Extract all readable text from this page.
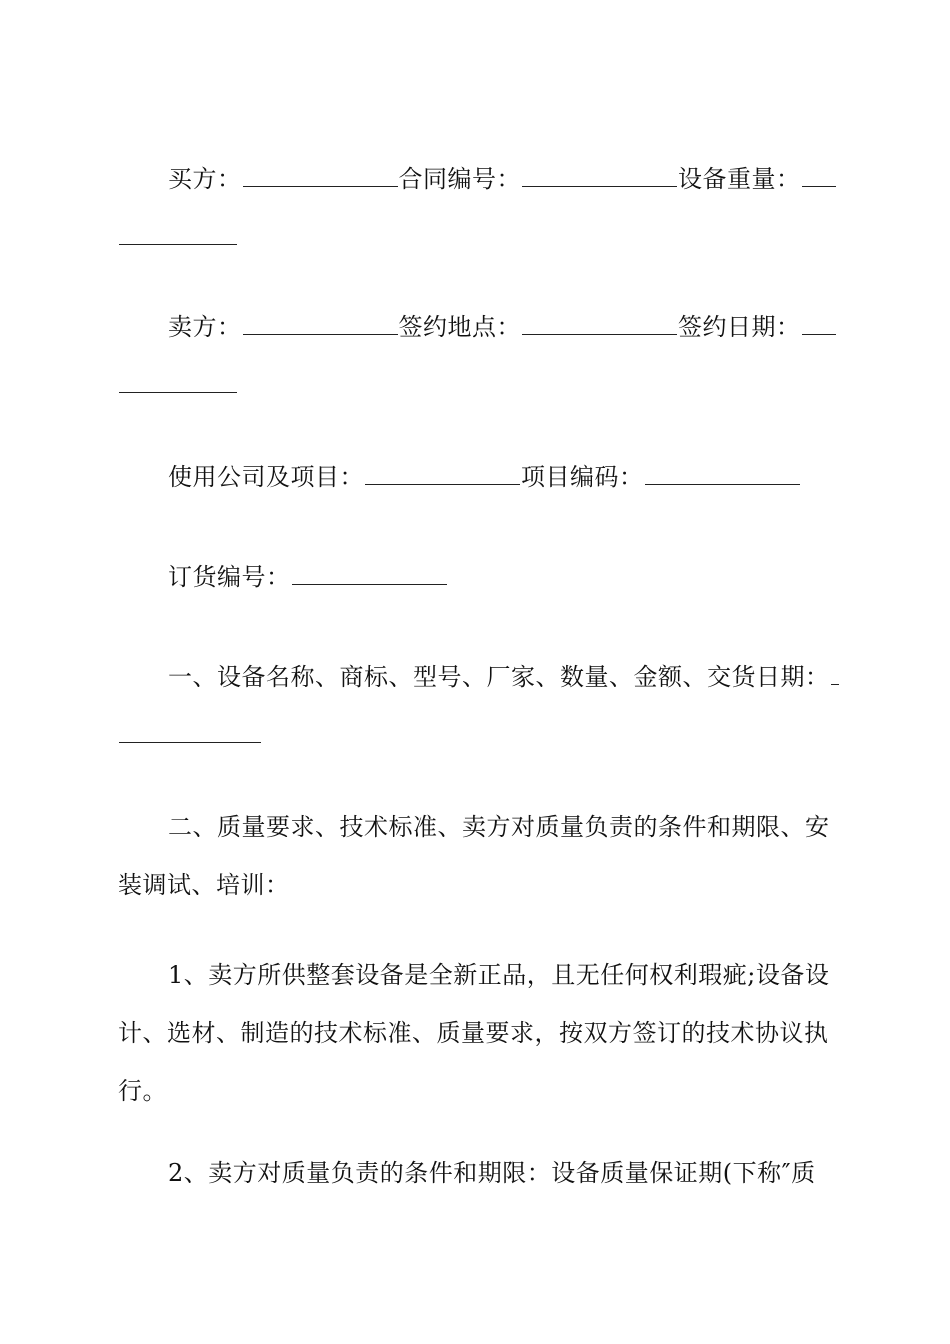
买方：	合同编号：	设备重量：
卖方：	签约地点：	签约日期：
使用公司及项目：	项目编码：
订货编号：
一、设备名称、商标、型号、厂家、数量、金额、交货日期：
二、质量要求、技术标准、卖方对质量负责的条件和期限、安
装调试、培训：
1、卖方所供整套设备是全新正品，且无任何权利瑕疵;设备设
计、选材、制造的技术标准、质量要求，按双方签订的技术协议执
行。
2、卖方对质量负责的条件和期限：设备质量保证期(下称″质
